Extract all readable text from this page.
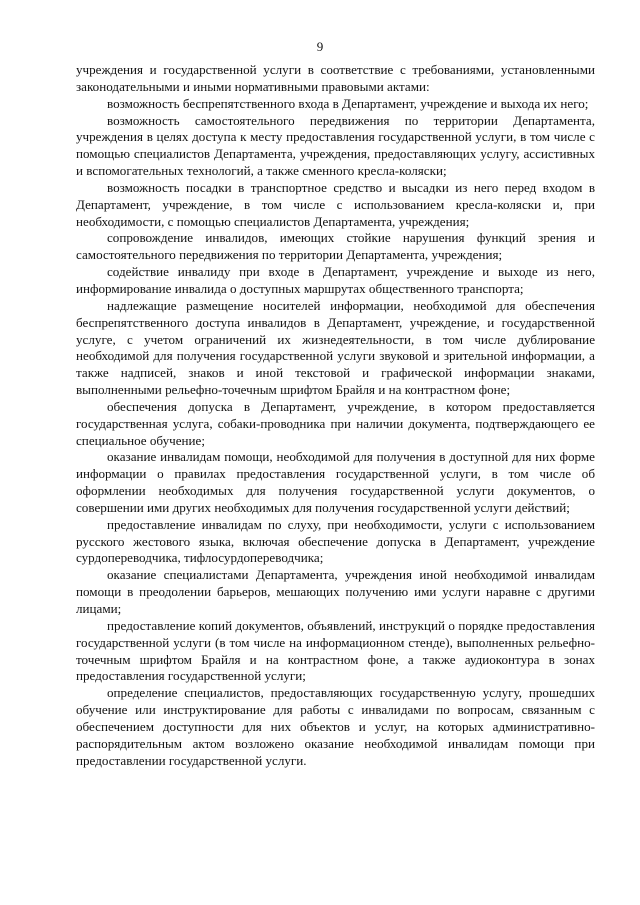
9

учреждения и государственной услуги в соответствие с требованиями, установленными законодательными и иными нормативными правовыми актами:

возможность беспрепятственного входа в Департамент, учреждение и выхода их него;

возможность самостоятельного передвижения по территории Департамента, учреждения в целях доступа к месту предоставления государственной услуги, в том числе с помощью специалистов Департамента, учреждения, предоставляющих услугу, ассистивных и вспомогательных технологий, а также сменного кресла-коляски;

возможность посадки в транспортное средство и высадки из него перед входом в Департамент, учреждение, в том числе с использованием кресла-коляски и, при необходимости, с помощью специалистов Департамента, учреждения;

сопровождение инвалидов, имеющих стойкие нарушения функций зрения и самостоятельного передвижения по территории Департамента, учреждения;

содействие инвалиду при входе в Департамент, учреждение и выходе из него, информирование инвалида о доступных маршрутах общественного транспорта;

надлежащие размещение носителей информации, необходимой для обеспечения беспрепятственного доступа инвалидов в Департамент, учреждение, и государственной услуге, с учетом ограничений их жизнедеятельности, в том числе дублирование необходимой для получения государственной услуги звуковой и зрительной информации, а также надписей, знаков и иной текстовой и графической информации знаками, выполненными рельефно-точечным шрифтом Брайля и на контрастном фоне;

обеспечения допуска в Департамент, учреждение, в котором предоставляется государственная услуга, собаки-проводника при наличии документа, подтверждающего ее специальное обучение;

оказание инвалидам помощи, необходимой для получения в доступной для них форме информации о правилах предоставления государственной услуги, в том числе об оформлении необходимых для получения государственной услуги документов, о совершении ими других необходимых для получения государственной услуги действий;

предоставление инвалидам по слуху, при необходимости, услуги с использованием русского жестового языка, включая обеспечение допуска в Департамент, учреждение сурдопереводчика, тифлосурдопереводчика;

оказание специалистами Департамента, учреждения иной необходимой инвалидам помощи в преодолении барьеров, мешающих получению ими услуги наравне с другими лицами;

предоставление копий документов, объявлений, инструкций о порядке предоставления государственной услуги (в том числе на информационном стенде), выполненных рельефно-точечным шрифтом Брайля и на контрастном фоне, а также аудиоконтура в зонах предоставления государственной услуги;

определение специалистов, предоставляющих государственную услугу, прошедших обучение или инструктирование для работы с инвалидами по вопросам, связанным с обеспечением доступности для них объектов и услуг, на которых административно-распорядительным актом возложено оказание необходимой инвалидам помощи при предоставлении государственной услуги.
